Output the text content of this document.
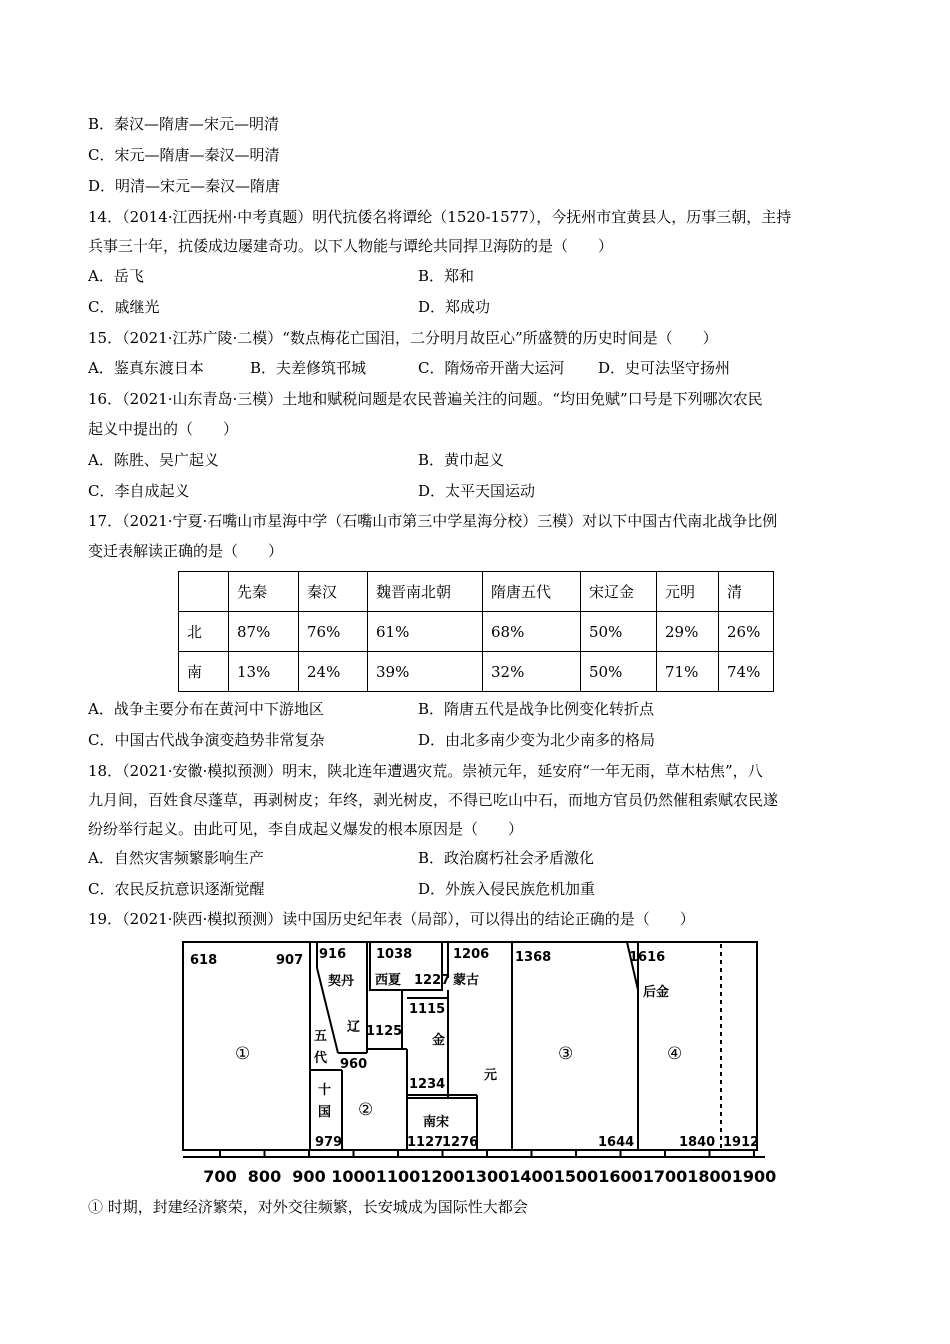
B．秦汉—隋唐—宋元—明清
C．宋元—隋唐—秦汉—明清
D．明清—宋元—秦汉—隋唐
14．（2014·江西抚州·中考真题）明代抗倭名将谭纶（1520-1577），今抚州市宜黄县人，历事三朝，主持
兵事三十年，抗倭成边屡建奇功。以下人物能与谭纶共同捍卫海防的是（　　）
A．岳飞	B．郑和
C．戚继光	D．郑成功
15．（2021·江苏广陵·二模）“数点梅花亡国泪，二分明月故臣心”所盛赞的历史时间是（　　）
A．鉴真东渡日本	B．夫差修筑邗城	C．隋炀帝开凿大运河 D．史可法坚守扬州
16．（2021·山东青岛·三模）土地和赋税问题是农民普遍关注的问题。“均田免赋”口号是下列哪次农民
起义中提出的（　　）
A．陈胜、吴广起义	B．黄巾起义
C．李自成起义	D．太平天国运动
17．（2021·宁夏·石嘴山市星海中学（石嘴山市第三中学星海分校）三模）对以下中国古代南北战争比例
变迁表解读正确的是（　　）
	先秦	秦汉	魏晋南北朝	隋唐五代	宋辽金	元明	清
北	87%	76%	61%	68%	50%	29%	26%
南	13%	24%	39%	32%	50%	71%	74%
A．战争主要分布在黄河中下游地区	B．隋唐五代是战争比例变化转折点
C．中国古代战争演变趋势非常复杂	D．由北多南少变为北少南多的格局
18．（2021·安徽·模拟预测）明末，陕北连年遭遇灾荒。崇祯元年，延安府“一年无雨，草木枯焦”，八
九月间，百姓食尽蓬草，再剥树皮；年终，剥光树皮，不得已吃山中石，而地方官员仍然催租索赋农民遂
纷纷举行起义。由此可见，李自成起义爆发的根本原因是（　　）
A．自然灾害频繁影响生产	B．政治腐朽社会矛盾激化
C．农民反抗意识逐渐觉醒	D．外族入侵民族危机加重
19．（2021·陕西·模拟预测）读中国历史纪年表（局部），可以得出的结论正确的是（　　）
618	907 916 1038
1227
1206 1368	1616
1115
1125
960
1234
979	1127
1276	1644	1840 1912
契丹 西夏	蒙古
后金
辽
金
五
代
十
国
南宋
元
①
②
③	④
700 800 900 1000 1100 1200 1300 1400 1500 1600 1700 1800 1900
① 时期，封建经济繁荣，对外交往频繁，长安城成为国际性大都会
